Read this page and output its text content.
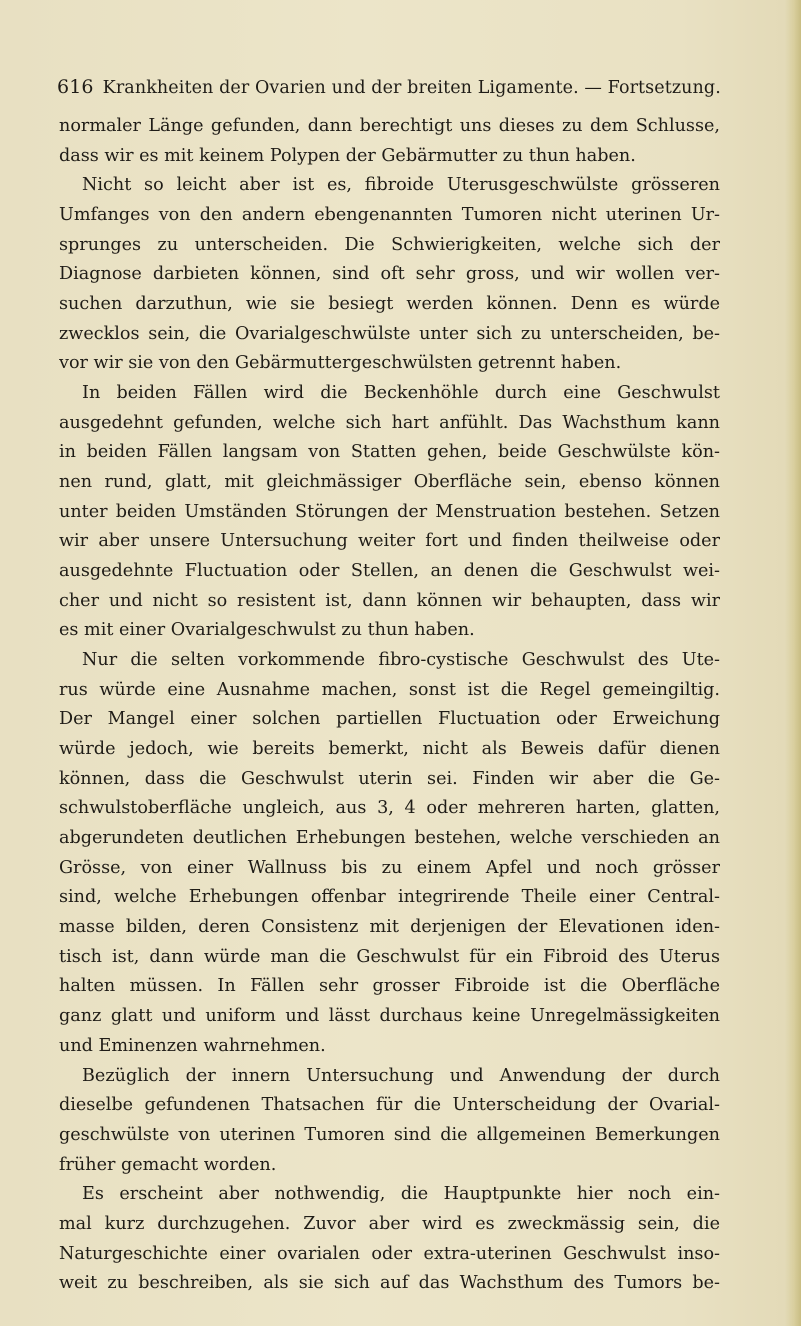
616 Krankheiten der Ovarien und der breiten Ligamente. — Fortsetzung.
normaler Länge gefunden, dann berechtigt uns dieses zu dem Schlusse,
dass wir es mit keinem Polypen der Gebärmutter zu thun haben.
Nicht so leicht aber ist es, fibroide Uterusgeschwülste grösseren
Umfanges von den andern ebengenannten Tumoren nicht uterinen Ur-
sprunges zu unterscheiden. Die Schwierigkeiten, welche sich der
Diagnose darbieten können, sind oft sehr gross, und wir wollen ver-
suchen darzuthun, wie sie besiegt werden können. Denn es würde
zwecklos sein, die Ovarialgeschwülste unter sich zu unterscheiden, be-
vor wir sie von den Gebärmuttergeschwülsten getrennt haben.
In beiden Fällen wird die Beckenhöhle durch eine Geschwulst
ausgedehnt gefunden, welche sich hart anfühlt. Das Wachsthum kann
in beiden Fällen langsam von Statten gehen, beide Geschwülste kön-
nen rund, glatt, mit gleichmässiger Oberfläche sein, ebenso können
unter beiden Umständen Störungen der Menstruation bestehen. Setzen
wir aber unsere Untersuchung weiter fort und finden theilweise oder
ausgedehnte Fluctuation oder Stellen, an denen die Geschwulst wei-
cher und nicht so resistent ist, dann können wir behaupten, dass wir
es mit einer Ovarialgeschwulst zu thun haben.
Nur die selten vorkommende fibro-cystische Geschwulst des Ute-
rus würde eine Ausnahme machen, sonst ist die Regel gemeingiltig.
Der Mangel einer solchen partiellen Fluctuation oder Erweichung
würde jedoch, wie bereits bemerkt, nicht als Beweis dafür dienen
können, dass die Geschwulst uterin sei. Finden wir aber die Ge-
schwulstoberfläche ungleich, aus 3, 4 oder mehreren harten, glatten,
abgerundeten deutlichen Erhebungen bestehen, welche verschieden an
Grösse, von einer Wallnuss bis zu einem Apfel und noch grösser
sind, welche Erhebungen offenbar integrirende Theile einer Central-
masse bilden, deren Consistenz mit derjenigen der Elevationen iden-
tisch ist, dann würde man die Geschwulst für ein Fibroid des Uterus
halten müssen. In Fällen sehr grosser Fibroide ist die Oberfläche
ganz glatt und uniform und lässt durchaus keine Unregelmässigkeiten
und Eminenzen wahrnehmen.
Bezüglich der innern Untersuchung und Anwendung der durch
dieselbe gefundenen Thatsachen für die Unterscheidung der Ovarial-
geschwülste von uterinen Tumoren sind die allgemeinen Bemerkungen
früher gemacht worden.
Es erscheint aber nothwendig, die Hauptpunkte hier noch ein-
mal kurz durchzugehen. Zuvor aber wird es zweckmässig sein, die
Naturgeschichte einer ovarialen oder extra-uterinen Geschwulst inso-
weit zu beschreiben, als sie sich auf das Wachsthum des Tumors be-
